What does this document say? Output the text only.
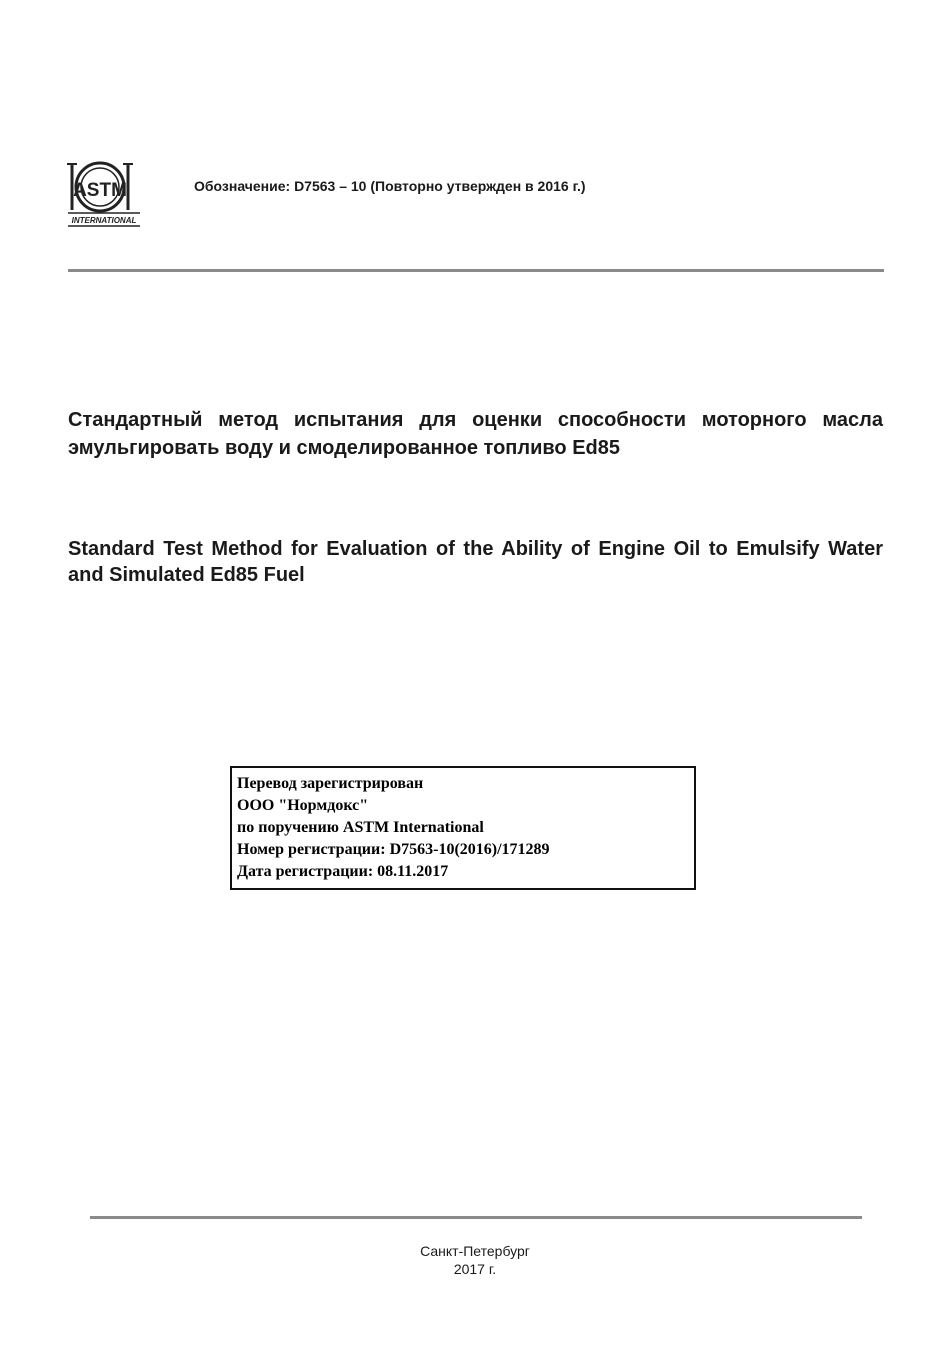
ASTM
INTERNATIONAL
Обозначение: D7563 – 10 (Повторно утвержден в 2016 г.)
Стандартный метод испытания для оценки способности моторного масла эмульгировать воду и смоделированное топливо Ed85
Standard Test Method for Evaluation of the Ability of Engine Oil to Emulsify Water and Simulated Ed85 Fuel
Перевод зарегистрирован
ООО "Нормдокс"
по поручению ASTM International
Номер регистрации: D7563-10(2016)/171289
Дата регистрации: 08.11.2017
Санкт-Петербург
2017 г.
